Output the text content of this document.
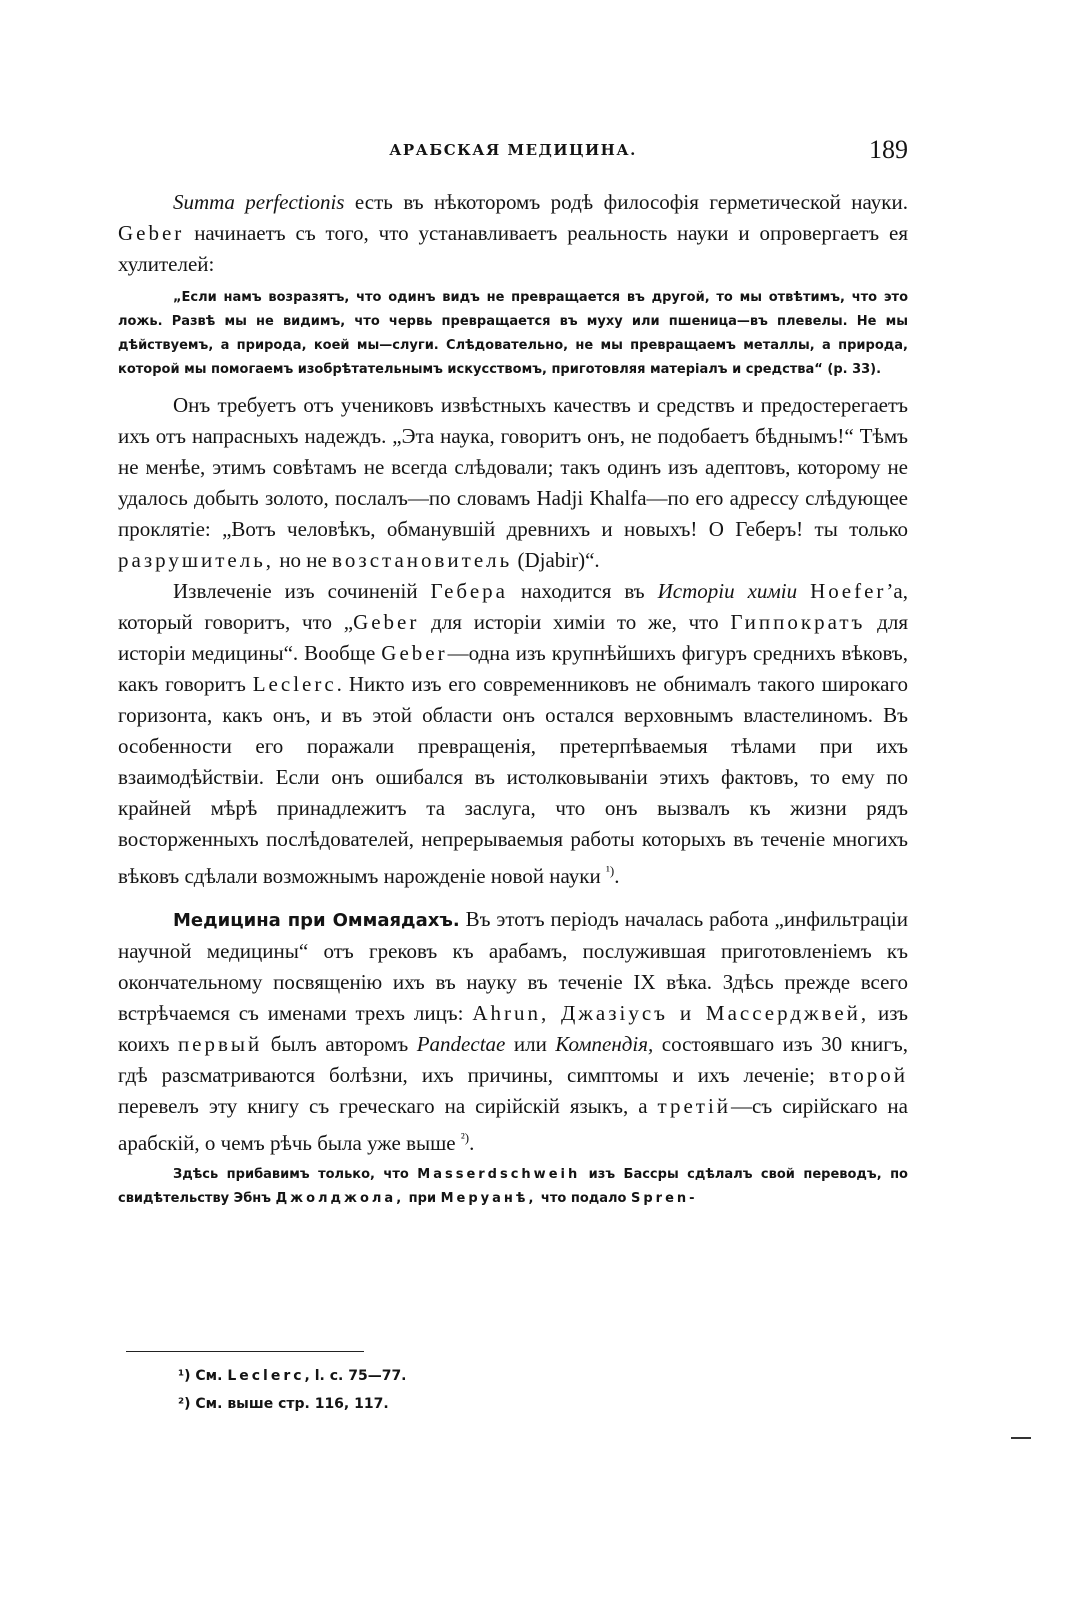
АРАБСКАЯ МЕДИЦИНА.	189

Summa perfectionis есть въ нѣкоторомъ родѣ философія герметической науки. Geber начинаетъ съ того, что устанавливаетъ реальность науки и опровергаетъ ея хулителей:

„Если намъ возразятъ, что одинъ видъ не превращается въ другой, то мы отвѣтимъ, что это ложь. Развѣ мы не видимъ, что червь превращается въ муху или пшеница—въ плевелы. Не мы дѣйствуемъ, а природа, коей мы—слуги. Слѣдовательно, не мы превращаемъ металлы, а природа, которой мы помогаемъ изобрѣтательнымъ искусствомъ, приготовляя матеріалъ и средства“ (р. 33).

Онъ требуетъ отъ учениковъ извѣстныхъ качествъ и средствъ и предостерегаетъ ихъ отъ напрасныхъ надеждъ. „Эта наука, говоритъ онъ, не подобаетъ бѣднымъ!“ Тѣмъ не менѣе, этимъ совѣтамъ не всегда слѣдовали; такъ одинъ изъ адептовъ, которому не удалось добыть золото, послалъ—по словамъ Hadji Khalfa—по его адрессу слѣдующее проклятіе: „Вотъ человѣкъ, обманувшій древнихъ и новыхъ! О Геберъ! ты только разрушитель, но не возстановитель (Djabir)“.

Извлеченіе изъ сочиненій Гебера находится въ Исторіи химіи Hoefer’а, который говоритъ, что „Geber для исторіи химіи то же, что Гиппократъ для исторіи медицины“. Вообще Geber—одна изъ крупнѣйшихъ фигуръ среднихъ вѣковъ, какъ говоритъ Leclerc. Никто изъ его современниковъ не обнималъ такого широкаго горизонта, какъ онъ, и въ этой области онъ остался верховнымъ властелиномъ. Въ особенности его поражали превращенія, претерпѣваемыя тѣлами при ихъ взаимодѣйствіи. Если онъ ошибался въ истолковываніи этихъ фактовъ, то ему по крайней мѣрѣ принадлежитъ та заслуга, что онъ вызвалъ къ жизни рядъ восторженныхъ послѣдователей, непрерываемыя работы которыхъ въ теченіе многихъ вѣковъ сдѣлали возможнымъ нарожденіе новой науки $^{^1)}$.

Медицина при Оммаядахъ. Въ этотъ періодъ началась работа „инфильтраціи научной медицины“ отъ грековъ къ арабамъ, послужившая приготовленіемъ къ окончательному посвященію ихъ въ науку въ теченіе IX вѣка. Здѣсь прежде всего встрѣчаемся съ именами трехъ лицъ: Ahrun, Джазіусъ и Массерджвей, изъ коихъ первый былъ авторомъ Pandectae или Компендія, состоявшаго изъ 30 книгъ, гдѣ разсматриваются болѣзни, ихъ причины, симптомы и ихъ леченіе; второй перевелъ эту книгу съ греческаго на сирійскій языкъ, а третій—съ сирійскаго на арабскій, о чемъ рѣчь была уже выше $^{^2)}$.

Здѣсь прибавимъ только, что Masserdschweih изъ Бассры сдѣлалъ свой переводъ, по свидѣтельству Эбнъ Джолджола, при Меруанѣ, что подало Spren-

¹) См. Leclerc, l. c. 75—77.
²) См. выше стр. 116, 117.
